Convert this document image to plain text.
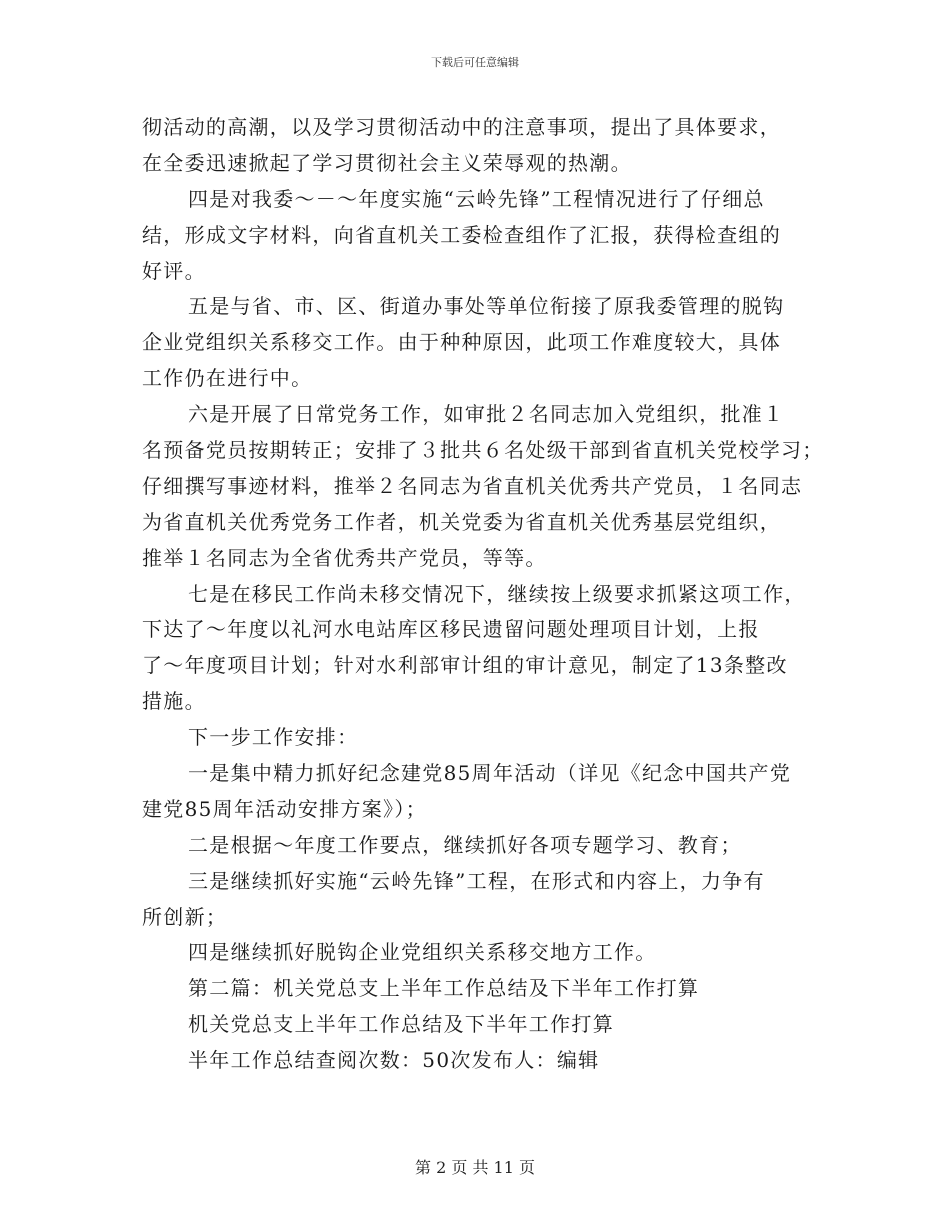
下载后可任意编辑
彻活动的高潮，以及学习贯彻活动中的注意事项，提出了具体要求，
在全委迅速掀起了学习贯彻社会主义荣辱观的热潮。
四是对我委～－～年度实施“云岭先锋”工程情况进行了仔细总
结，形成文字材料，向省直机关工委检查组作了汇报，获得检查组的
好评。
五是与省、市、区、街道办事处等单位衔接了原我委管理的脱钩
企业党组织关系移交工作。由于种种原因，此项工作难度较大，具体
工作仍在进行中。
六是开展了日常党务工作，如审批２名同志加入党组织，批准１
名预备党员按期转正；安排了３批共６名处级干部到省直机关党校学习；
仔细撰写事迹材料，推举２名同志为省直机关优秀共产党员，１名同志
为省直机关优秀党务工作者，机关党委为省直机关优秀基层党组织，
推举１名同志为全省优秀共产党员，等等。
七是在移民工作尚未移交情况下，继续按上级要求抓紧这项工作，
下达了～年度以礼河水电站库区移民遗留问题处理项目计划，上报
了～年度项目计划；针对水利部审计组的审计意见，制定了13条整改
措施。
下一步工作安排：
一是集中精力抓好纪念建党85周年活动（详见《纪念中国共产党
建党85周年活动安排方案》）；
二是根据～年度工作要点，继续抓好各项专题学习、教育；
三是继续抓好实施“云岭先锋”工程，在形式和内容上，力争有
所创新；
四是继续抓好脱钩企业党组织关系移交地方工作。
第二篇：机关党总支上半年工作总结及下半年工作打算
机关党总支上半年工作总结及下半年工作打算
半年工作总结查阅次数：50次发布人：编辑
第 2 页 共 11 页
